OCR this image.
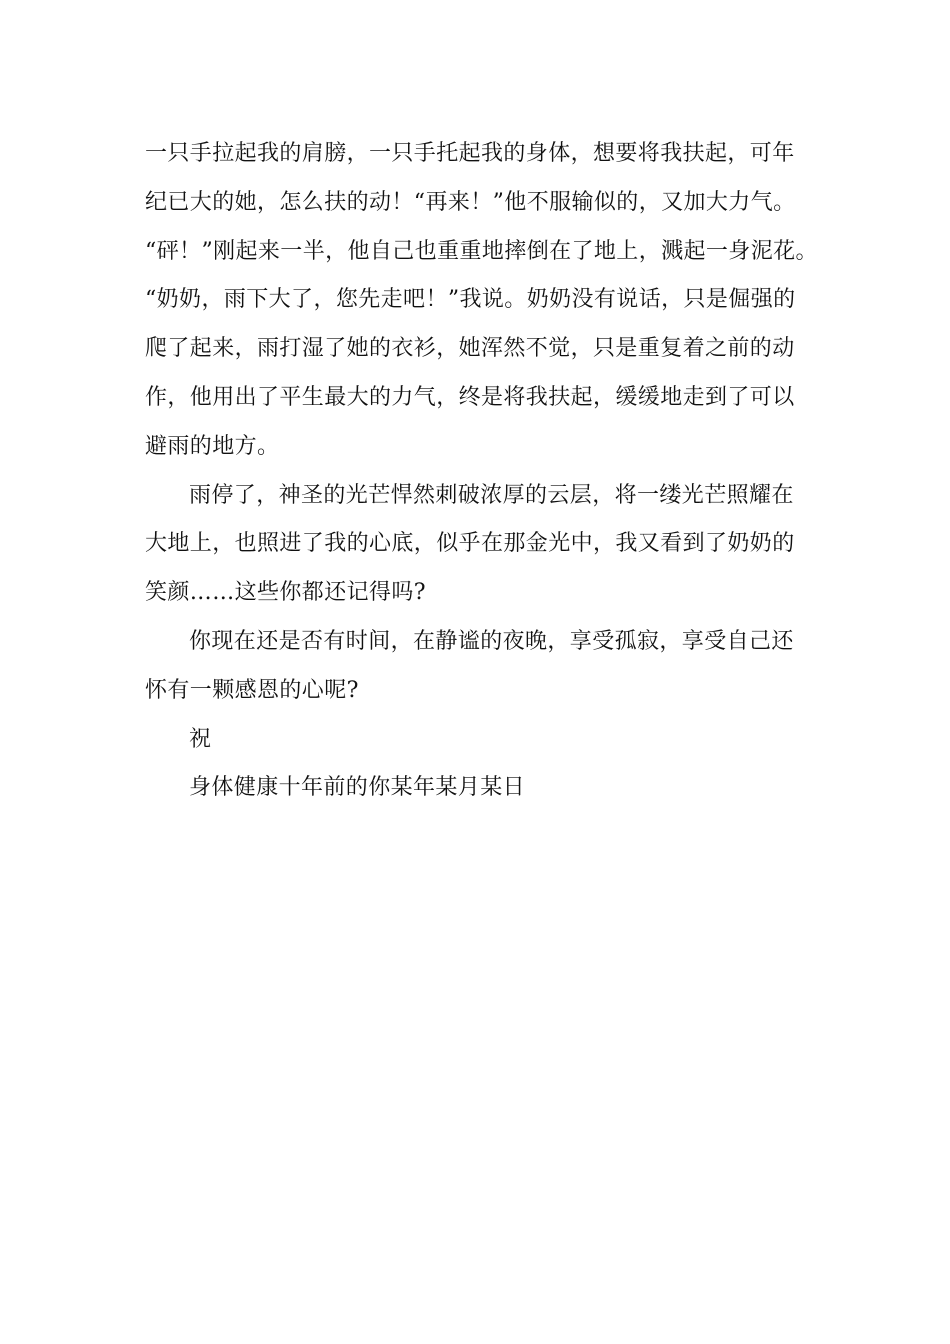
一只手拉起我的肩膀，一只手托起我的身体，想要将我扶起，可年
纪已大的她，怎么扶的动！“再来！”他不服输似的，又加大力气。
“砰！”刚起来一半，他自己也重重地摔倒在了地上，溅起一身泥花。
“奶奶，雨下大了，您先走吧！”我说。奶奶没有说话，只是倔强的
爬了起来，雨打湿了她的衣衫，她浑然不觉，只是重复着之前的动
作，他用出了平生最大的力气，终是将我扶起，缓缓地走到了可以
避雨的地方。
雨停了，神圣的光芒悍然刺破浓厚的云层，将一缕光芒照耀在
大地上，也照进了我的心底，似乎在那金光中，我又看到了奶奶的
笑颜……这些你都还记得吗?
你现在还是否有时间，在静谧的夜晚，享受孤寂，享受自己还
怀有一颗感恩的心呢?
祝
身体健康十年前的你某年某月某日
